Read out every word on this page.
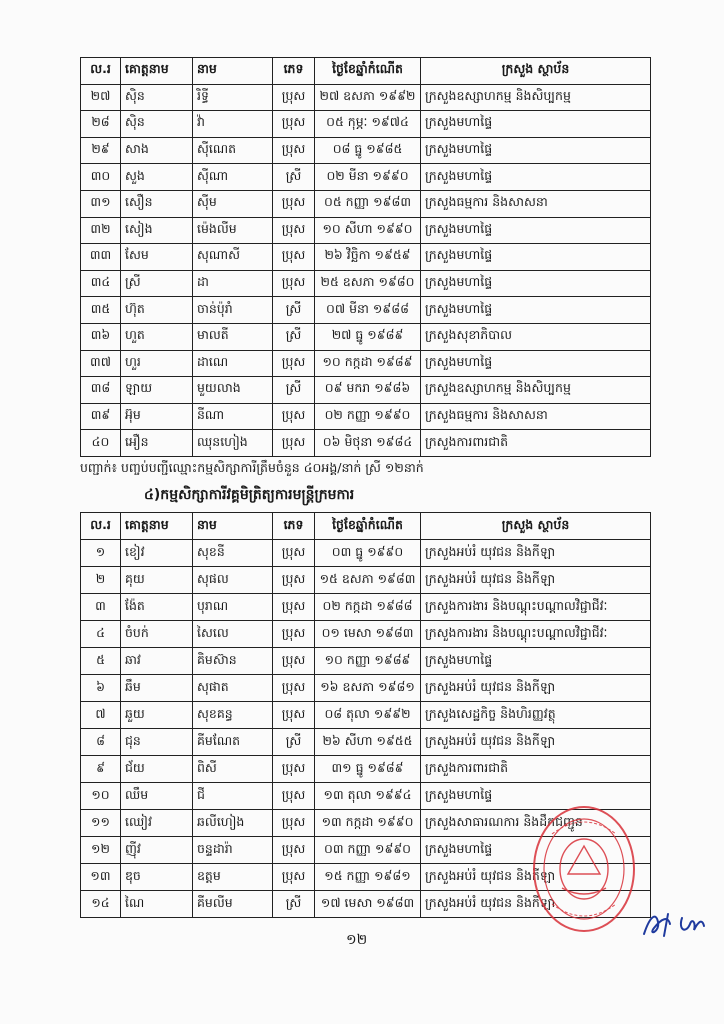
ល.រ	គោត្តនាម	នាម	ភេទ	ថ្ងៃខែឆ្នាំកំណើត	ក្រសួង ស្ថាប័ន
២៧	ស៊ិន	រិទ្ធី	ប្រុស	២៧ ឧសភា ១៩៩២	ក្រសួងឧស្សាហកម្ម និងសិប្បកម្ម
២៨	ស៊ិន	វ៉ា	ប្រុស	០៥ កុម្ភៈ ១៩៧៤	ក្រសួងមហាផ្ទៃ
២៩	សាង	ស៊ីណេត	ប្រុស	០៨ ធ្នូ ១៩៨៥	ក្រសួងមហាផ្ទៃ
៣០	សួង	ស៊ីណា	ស្រី	០២ មីនា ១៩៩០	ក្រសួងមហាផ្ទៃ
៣១	សឿន	ស៊ីម	ប្រុស	០៥ កញ្ញា ១៩៨៣	ក្រសួងធម្មការ និងសាសនា
៣២	សៀង	ម៉េងលីម	ប្រុស	១០ សីហា ១៩៩០	ក្រសួងមហាផ្ទៃ
៣៣	សែម	សុណាសី	ប្រុស	២៦ វិច្ឆិកា ១៩៥៩	ក្រសួងមហាផ្ទៃ
៣៤	ស្រី	ដា	ប្រុស	២៥ ឧសភា ១៩៨០	ក្រសួងមហាផ្ទៃ
៣៥	ហ៊ុត	ចាន់ប៉ុរាំ	ស្រី	០៧ មីនា ១៩៨៨	ក្រសួងមហាផ្ទៃ
៣៦	ហួត	មាលតី	ស្រី	២៧ ធ្នូ ១៩៨៩	ក្រសួងសុខាភិបាល
៣៧	ហួរ	ដាណេ	ប្រុស	១០ កក្កដា ១៩៨៩	ក្រសួងមហាផ្ទៃ
៣៨	ឡាយ	មួយលាង	ស្រី	០៩ មករា ១៩៨៦	ក្រសួងឧស្សាហកម្ម និងសិប្បកម្ម
៣៩	អ៊ុម	នីណា	ប្រុស	០២ កញ្ញា ១៩៩០	ក្រសួងធម្មការ និងសាសនា
៤០	អឿន	ឈុនហៀង	ប្រុស	០៦ មិថុនា ១៩៨៤	ក្រសួងការពារជាតិ
បញ្ជាក់៖ បញ្ចប់បញ្ជីឈ្មោះកម្មសិក្សាការីត្រឹមចំនួន ៤០អង្គ/នាក់ ស្រី ១២នាក់
៤)កម្មសិក្សាការីវគ្គមិត្រិត្យការមន្ត្រីក្រមការ
ល.រ	គោត្តនាម	នាម	ភេទ	ថ្ងៃខែឆ្នាំកំណើត	ក្រសួង ស្ថាប័ន
១	ខៀវ	សុខនី	ប្រុស	០៣ ធ្នូ ១៩៩០	ក្រសួងអប់រំ យុវជន និងកីឡា
២	គុយ	សុផល	ប្រុស	១៥ ឧសភា ១៩៨៣	ក្រសួងអប់រំ យុវជន និងកីឡា
៣	ង៉ែត	បុរាណ	ប្រុស	០២ កក្កដា ១៩៨៨	ក្រសួងការងារ និងបណ្តុះបណ្តាលវិជ្ជាជីវៈ
៤	ចំបក់	សៃលេ	ប្រុស	០១ មេសា ១៩៨៣	ក្រសួងការងារ និងបណ្តុះបណ្តាលវិជ្ជាជីវៈ
៥	ឆាវ	គិមស៊ាន	ប្រុស	១០ កញ្ញា ១៩៨៩	ក្រសួងមហាផ្ទៃ
៦	ឆឹម	សុផាត	ប្រុស	១៦ ឧសភា ១៩៨១	ក្រសួងអប់រំ យុវជន និងកីឡា
៧	ឆួយ	សុខគន្ធ	ប្រុស	០៨ តុលា ១៩៩២	ក្រសួងសេដ្ឋកិច្ច និងហិរញ្ញវត្ថុ
៨	ជុន	គីមណែត	ស្រី	២៦ សីហា ១៩៥៥	ក្រសួងអប់រំ យុវជន និងកីឡា
៩	ជ័យ	ពិសី	ប្រុស	៣១ ធ្នូ ១៩៨៩	ក្រសួងការពារជាតិ
១០	ឈឹម	ជី	ប្រុស	១៣ តុលា ១៩៩៤	ក្រសួងមហាផ្ទៃ
១១	ឈៀវ	ឆលីហៀង	ប្រុស	១៣ កក្កដា ១៩៩០	ក្រសួងសាធារណការ និងដឹកជញ្ជូន
១២	ញ៉ីវ	ចន្ទដារ៉ា	ប្រុស	០៣ កញ្ញា ១៩៩០	ក្រសួងមហាផ្ទៃ
១៣	ឌុច	ឧត្តម	ប្រុស	១៥ កញ្ញា ១៩៨១	ក្រសួងអប់រំ យុវជន និងកីឡា
១៤	ណៃ	គីមលីម	ស្រី	១៧ មេសា ១៩៨៣	ក្រសួងអប់រំ យុវជន និងកីឡា
១២
